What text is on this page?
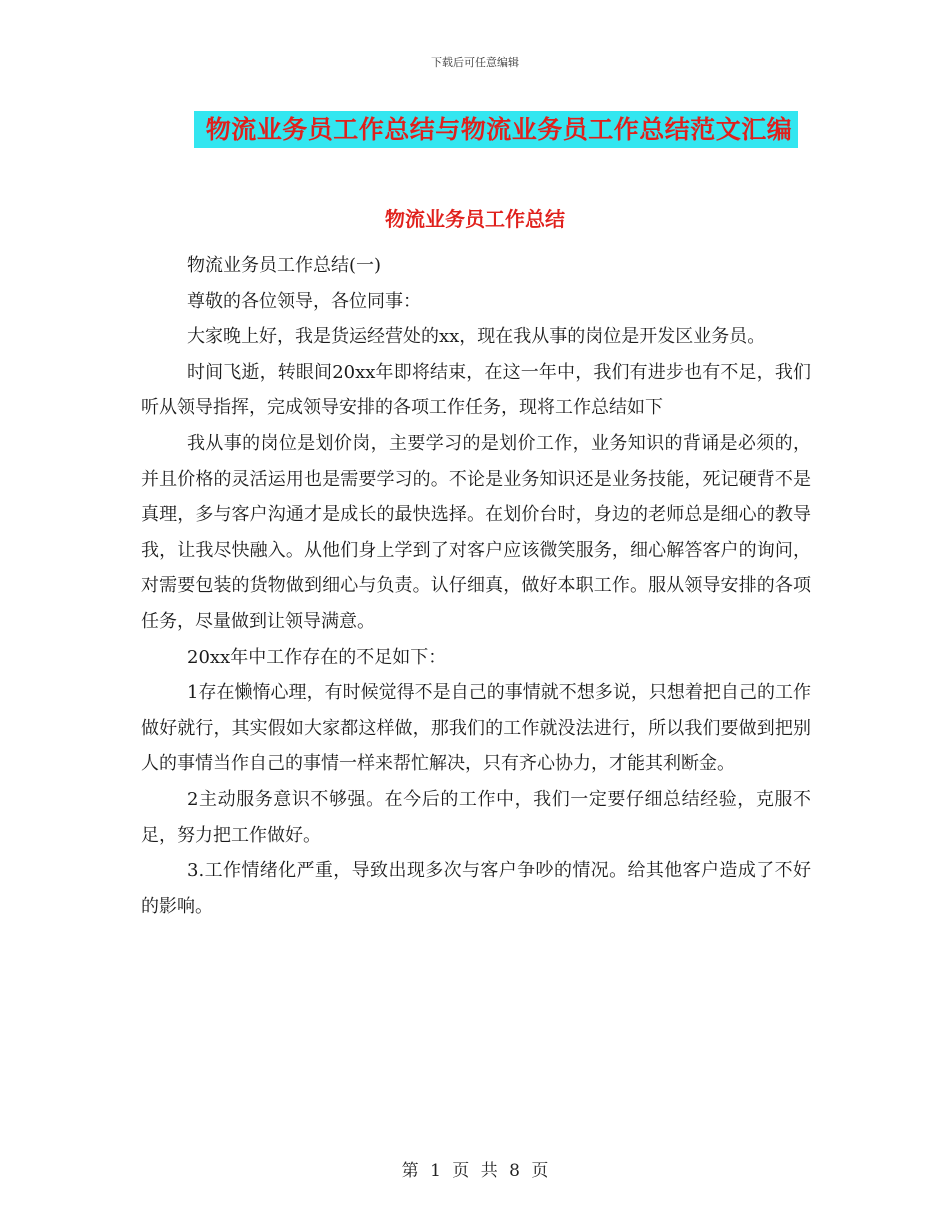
下载后可任意编辑
物流业务员工作总结与物流业务员工作总结范文汇编
物流业务员工作总结

物流业务员工作总结(一)

尊敬的各位领导，各位同事：

大家晚上好，我是货运经营处的xx，现在我从事的岗位是开发区业务员。

时间飞逝，转眼间20xx年即将结束，在这一年中，我们有进步也有不足，我们听从领导指挥，完成领导安排的各项工作任务，现将工作总结如下

我从事的岗位是划价岗，主要学习的是划价工作，业务知识的背诵是必须的，并且价格的灵活运用也是需要学习的。不论是业务知识还是业务技能，死记硬背不是真理，多与客户沟通才是成长的最快选择。在划价台时，身边的老师总是细心的教导我，让我尽快融入。从他们身上学到了对客户应该微笑服务，细心解答客户的询问，对需要包装的货物做到细心与负责。认仔细真，做好本职工作。服从领导安排的各项任务，尽量做到让领导满意。

20xx年中工作存在的不足如下：

1存在懒惰心理，有时候觉得不是自己的事情就不想多说，只想着把自己的工作做好就行，其实假如大家都这样做，那我们的工作就没法进行，所以我们要做到把别人的事情当作自己的事情一样来帮忙解决，只有齐心协力，才能其利断金。

2主动服务意识不够强。在今后的工作中，我们一定要仔细总结经验，克服不足，努力把工作做好。

3.工作情绪化严重，导致出现多次与客户争吵的情况。给其他客户造成了不好的影响。

第 1 页 共 8 页
